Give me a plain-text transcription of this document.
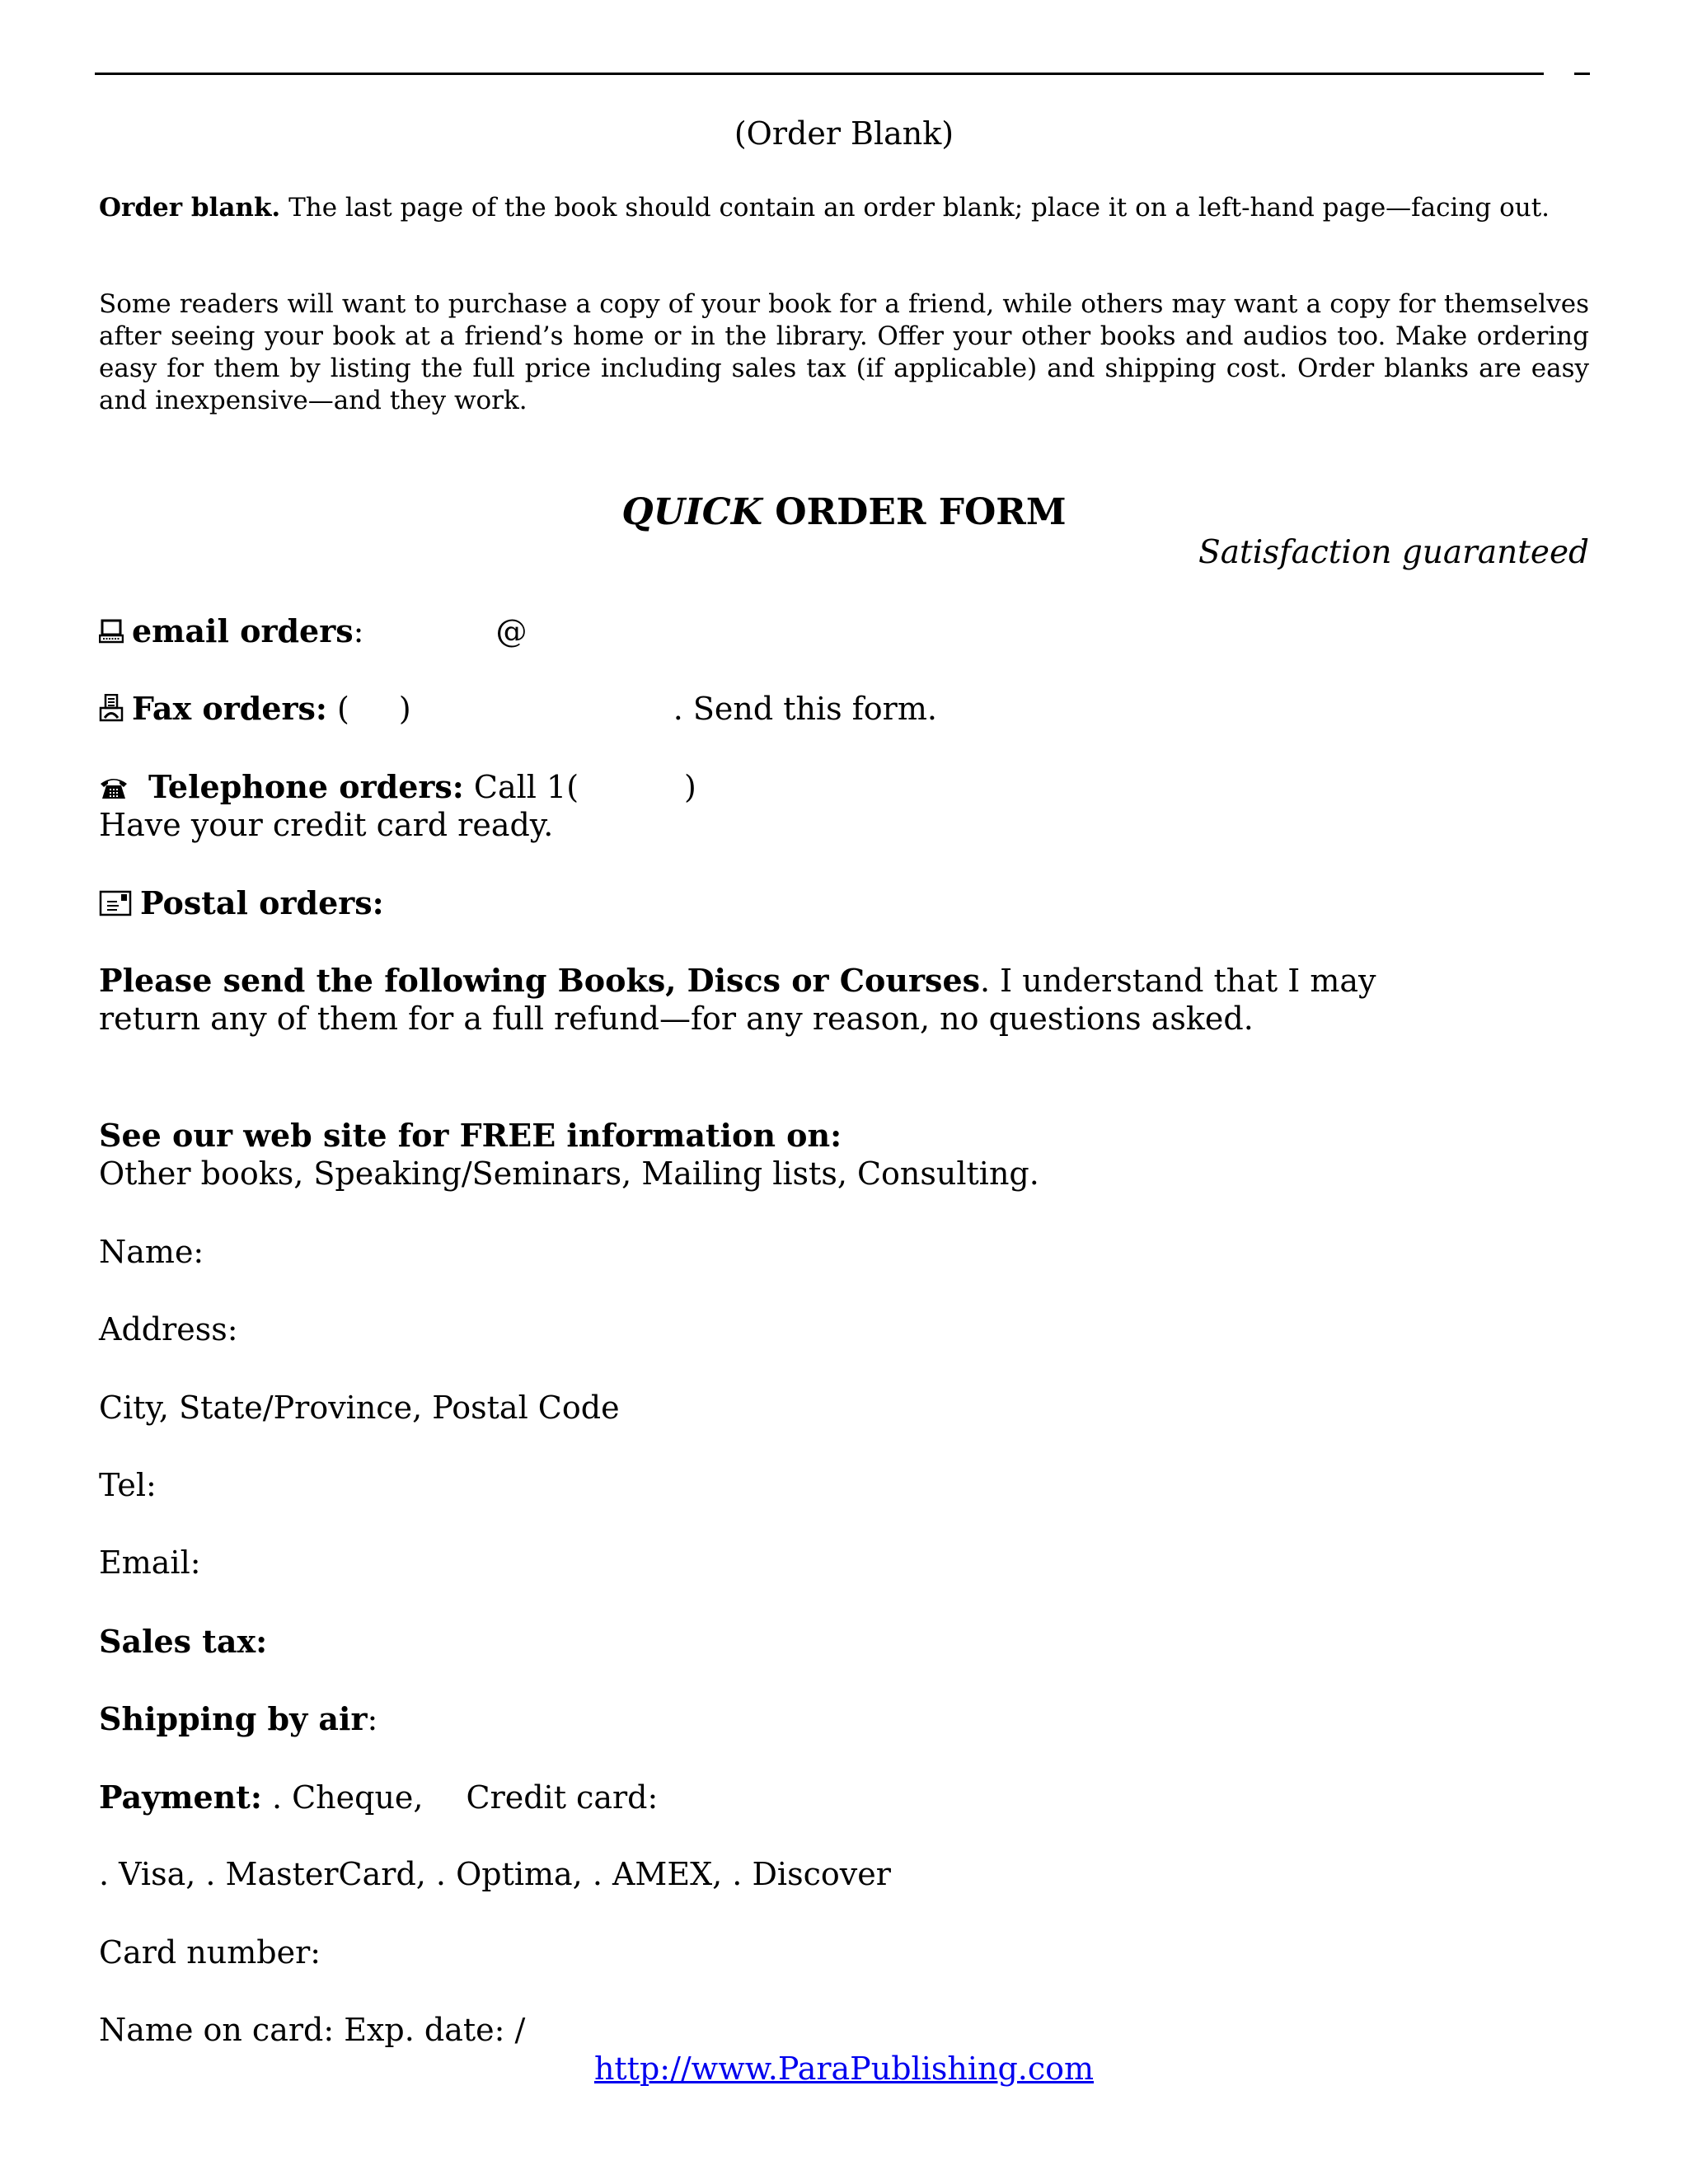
(Order Blank)

Order blank. The last page of the book should contain an order blank; place it on a left-hand page—facing out.

Some readers will want to purchase a copy of your book for a friend, while others may want a copy for themselves after seeing your book at a friend’s home or in the library. Offer your other books and audios too. Make ordering easy for them by listing the full price including sales tax (if applicable) and shipping cost. Order blanks are easy and inexpensive—and they work.

QUICK ORDER FORM
Satisfaction guaranteed
email orders:	@
Fax orders: ( )	. Send this form.
Telephone orders: Call 1(	)
Have your credit card ready.
Postal orders:
Please send the following Books, Discs or Courses. I understand that I may
return any of them for a full refund—for any reason, no questions asked.
See our web site for FREE information on:
Other books, Speaking/Seminars, Mailing lists, Consulting.
Name:
Address:
City, State/Province, Postal Code
Tel:
Email:
Sales tax:
Shipping by air:
Payment: . Cheque, Credit card:
. Visa, . MasterCard, . Optima, . AMEX, . Discover
Card number:
Name on card: Exp. date: /
http://www.ParaPublishing.com
